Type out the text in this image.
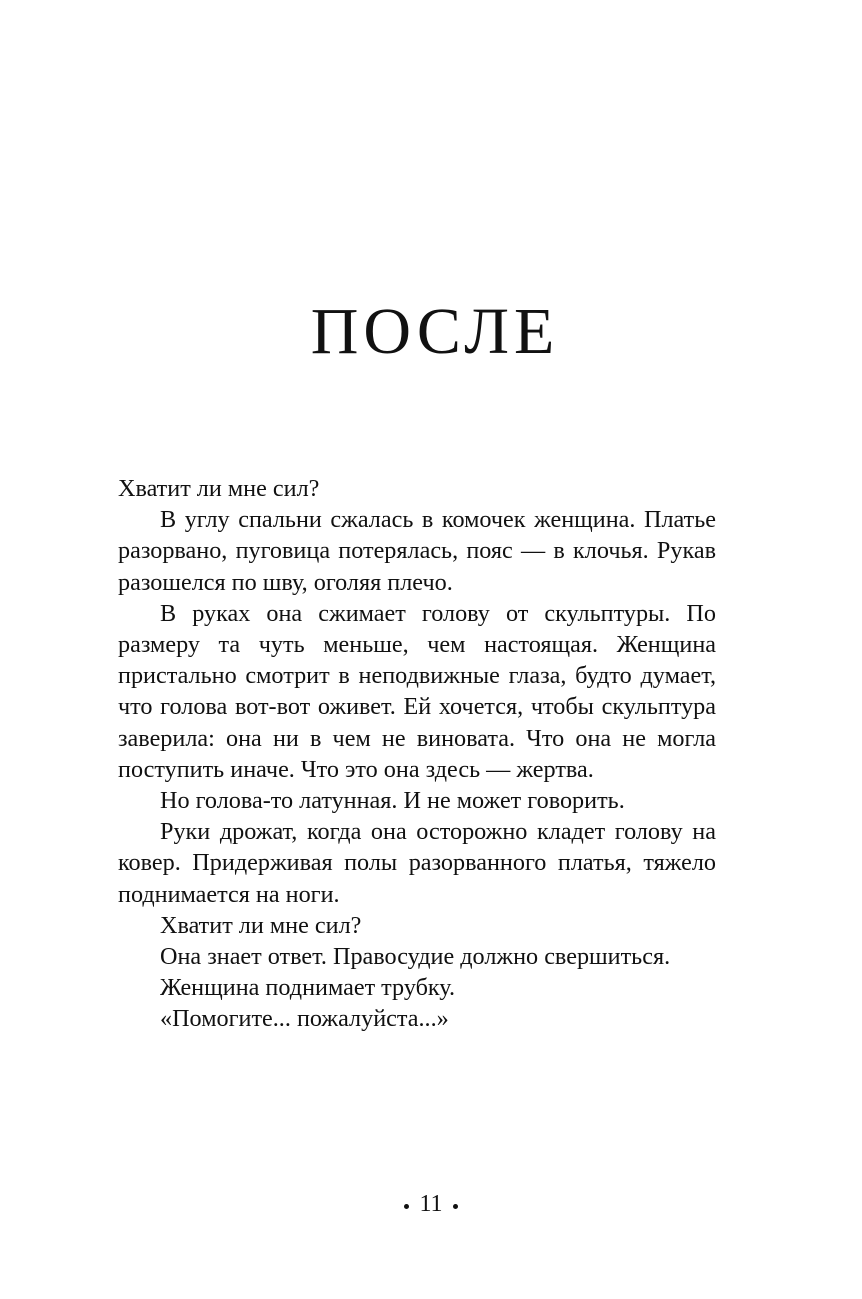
ПОСЛЕ

Хватит ли мне сил?

В углу спальни сжалась в комочек женщина. Платье разорвано, пуговица потерялась, пояс — в клочья. Рукав разошелся по шву, оголяя плечо.

В руках она сжимает голову от скульптуры. По размеру та чуть меньше, чем настоящая. Женщина пристально смотрит в неподвижные глаза, будто думает, что голова вот-вот оживет. Ей хочется, чтобы скульптура заверила: она ни в чем не виновата. Что она не могла поступить иначе. Что это она здесь — жертва.

Но голова-то латунная. И не может говорить.

Руки дрожат, когда она осторожно кладет голову на ковер. Придерживая полы разорванного платья, тяжело поднимается на ноги.

Хватит ли мне сил?

Она знает ответ. Правосудие должно свершиться.

Женщина поднимает трубку.

«Помогите... пожалуйста...»

11
